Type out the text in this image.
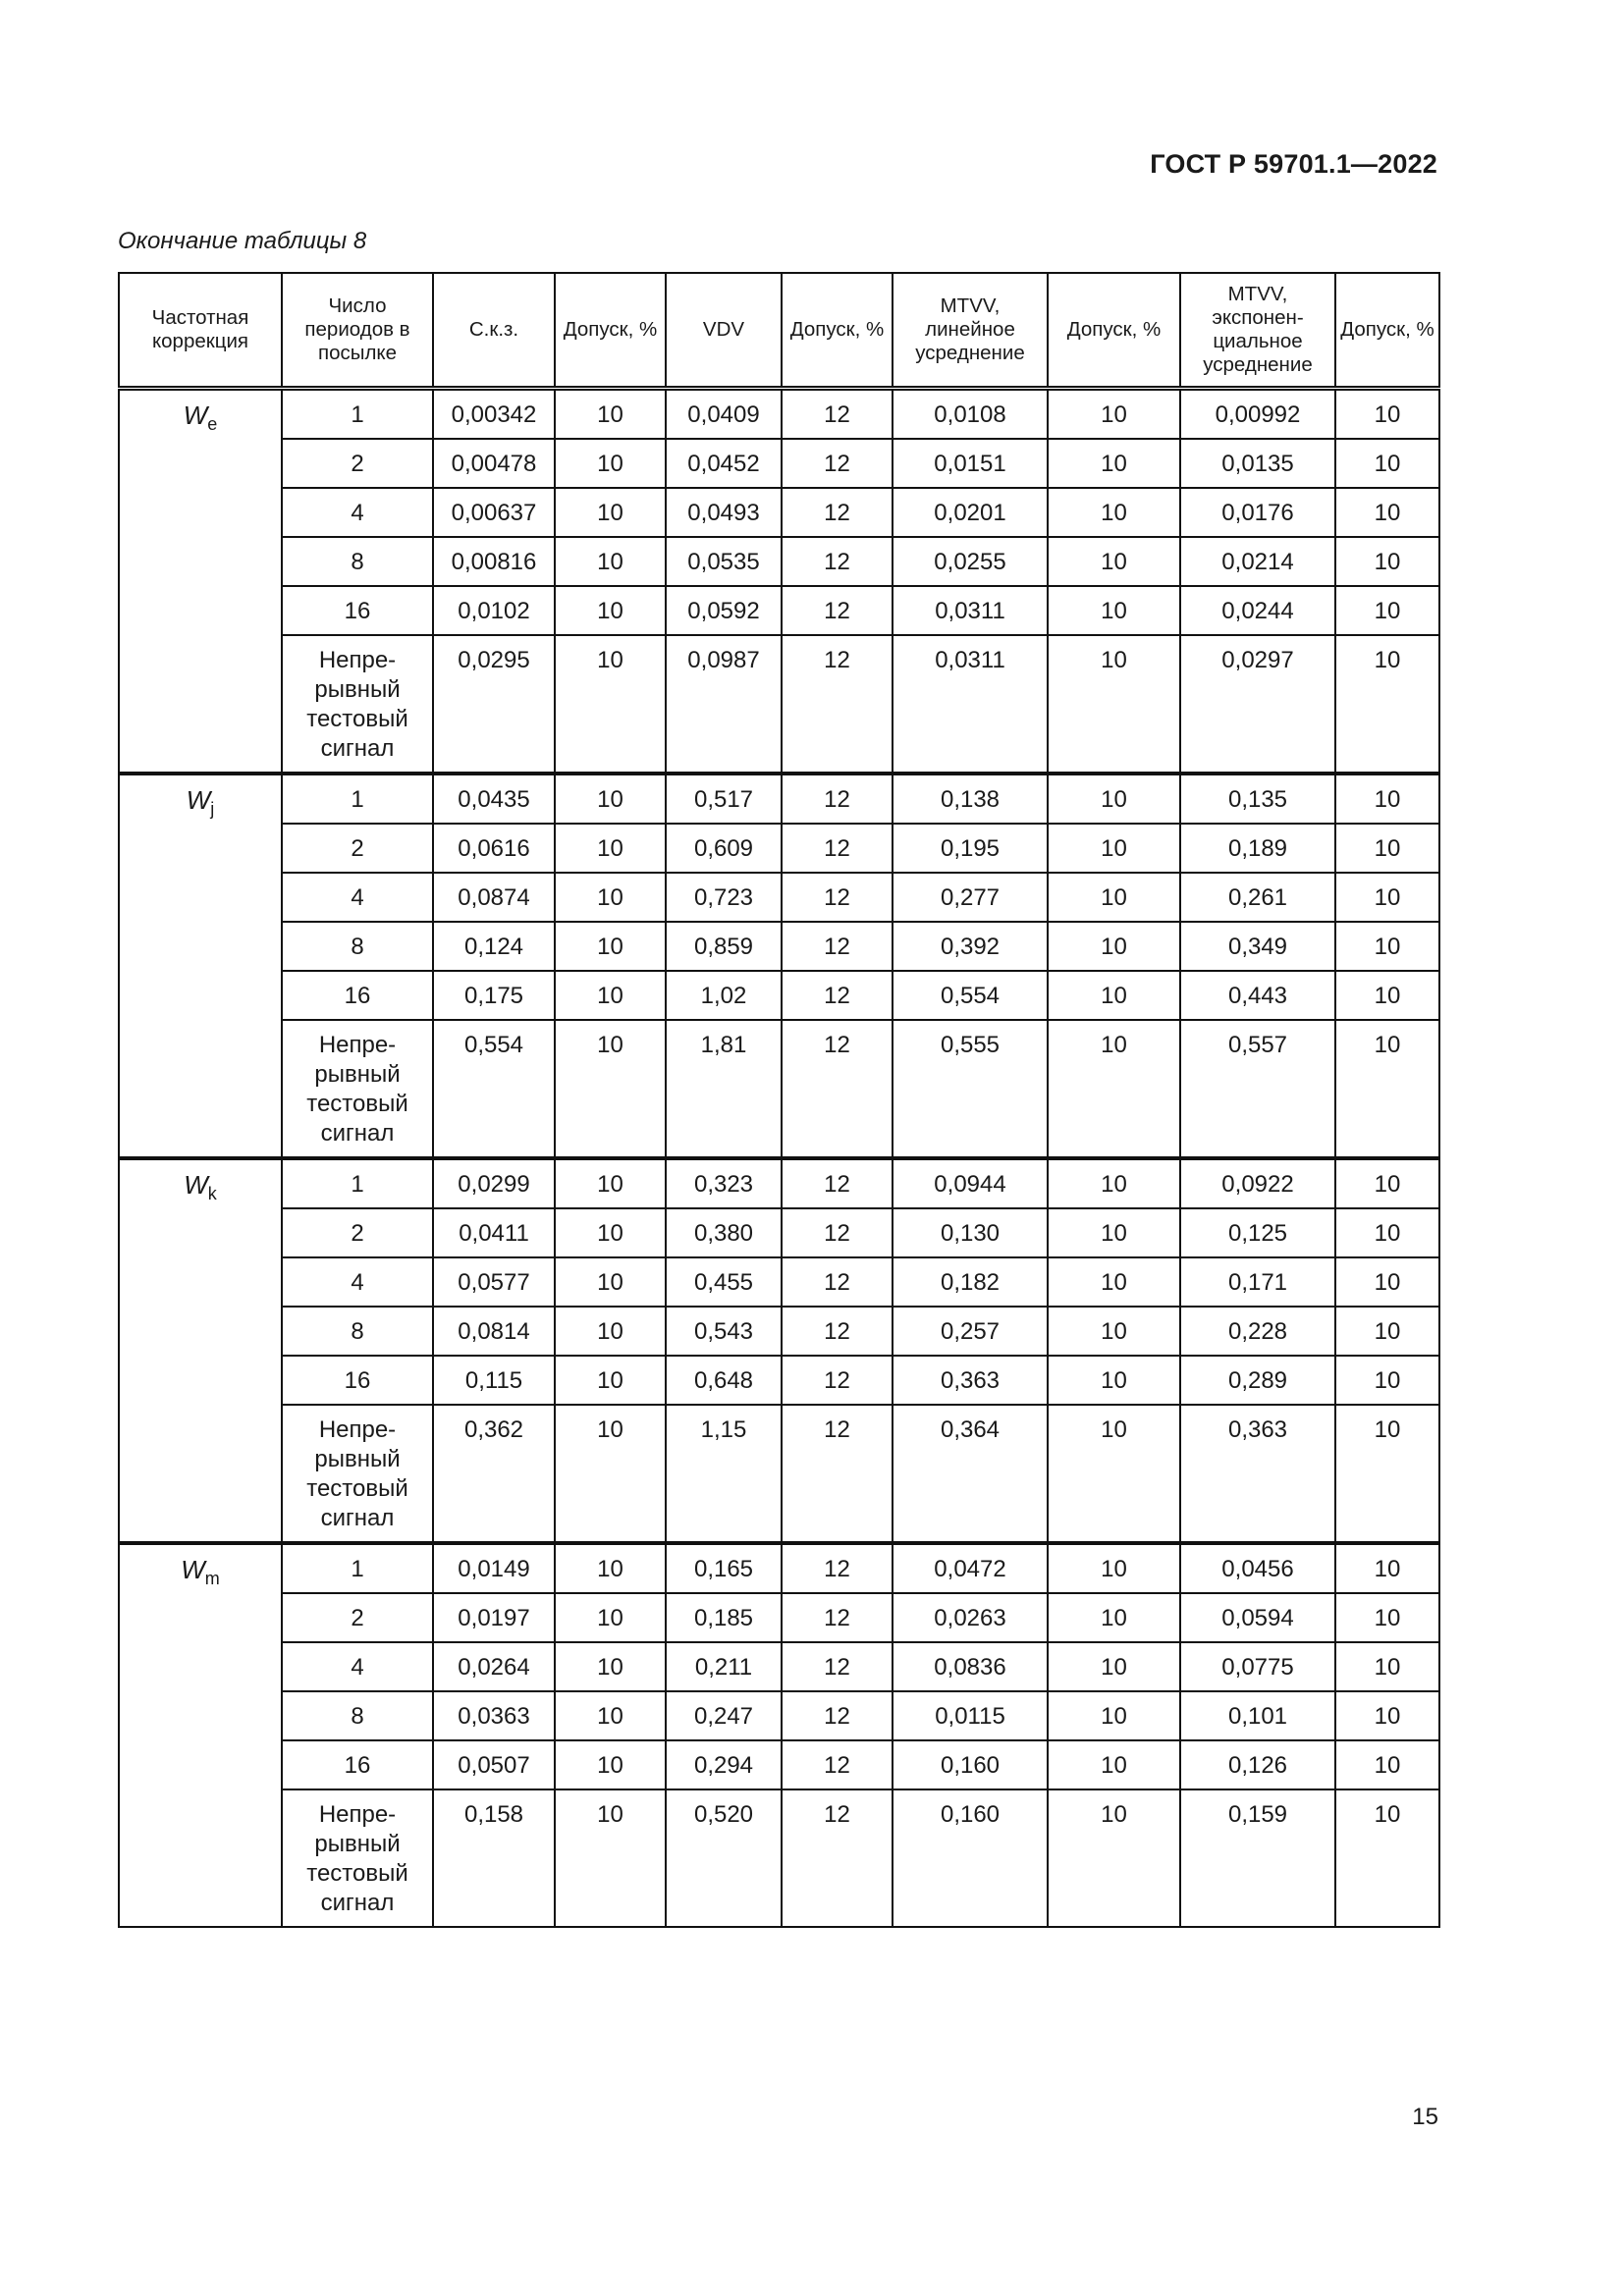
ГОСТ Р 59701.1—2022
Окончание таблицы 8
Частотная коррекция	Число периодов в посылке	С.к.з.	Допуск, %	VDV	Допуск, %	MTVV, линейное усреднение	Допуск, %	MTVV, экспонен-циальное усреднение	Допуск, %
$W_e$	1	0,00342	10	0,0409	12	0,0108	10	0,00992	10
	2	0,00478	10	0,0452	12	0,0151	10	0,0135	10
	4	0,00637	10	0,0493	12	0,0201	10	0,0176	10
	8	0,00816	10	0,0535	12	0,0255	10	0,0214	10
	16	0,0102	10	0,0592	12	0,0311	10	0,0244	10
	Непре-рывный тестовый сигнал	0,0295	10	0,0987	12	0,0311	10	0,0297	10
$W_j$	1	0,0435	10	0,517	12	0,138	10	0,135	10
	2	0,0616	10	0,609	12	0,195	10	0,189	10
	4	0,0874	10	0,723	12	0,277	10	0,261	10
	8	0,124	10	0,859	12	0,392	10	0,349	10
	16	0,175	10	1,02	12	0,554	10	0,443	10
	Непре-рывный тестовый сигнал	0,554	10	1,81	12	0,555	10	0,557	10
$W_k$	1	0,0299	10	0,323	12	0,0944	10	0,0922	10
	2	0,0411	10	0,380	12	0,130	10	0,125	10
	4	0,0577	10	0,455	12	0,182	10	0,171	10
	8	0,0814	10	0,543	12	0,257	10	0,228	10
	16	0,115	10	0,648	12	0,363	10	0,289	10
	Непре-рывный тестовый сигнал	0,362	10	1,15	12	0,364	10	0,363	10
$W_m$	1	0,0149	10	0,165	12	0,0472	10	0,0456	10
	2	0,0197	10	0,185	12	0,0263	10	0,0594	10
	4	0,0264	10	0,211	12	0,0836	10	0,0775	10
	8	0,0363	10	0,247	12	0,0115	10	0,101	10
	16	0,0507	10	0,294	12	0,160	10	0,126	10
	Непре-рывный тестовый сигнал	0,158	10	0,520	12	0,160	10	0,159	10
15
